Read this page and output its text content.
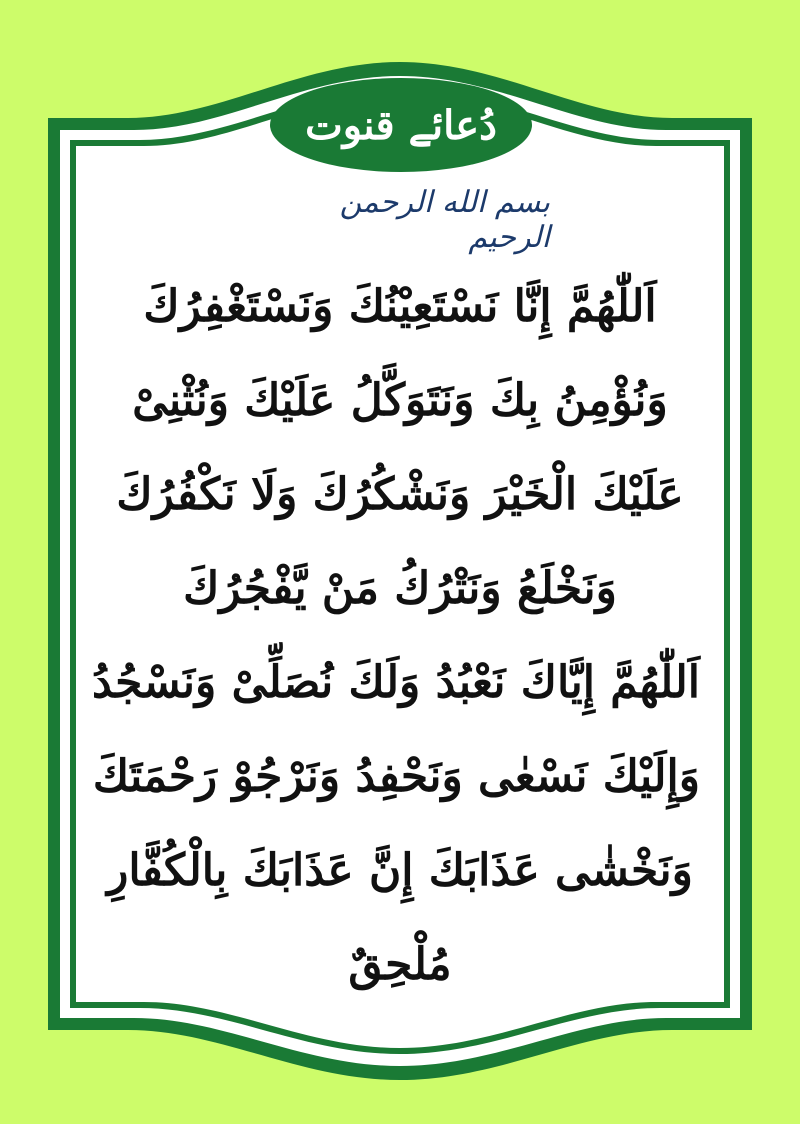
دُعائے قنوت
بسم الله الرحمن الرحيم
اَللّٰهُمَّ إِنَّا نَسْتَعِيْنُكَ وَنَسْتَغْفِرُكَ
وَنُؤْمِنُ بِكَ وَنَتَوَكَّلُ عَلَيْكَ وَنُثْنِىْ
عَلَيْكَ الْخَيْرَ وَنَشْكُرُكَ وَلَا نَكْفُرُكَ
وَنَخْلَعُ وَنَتْرُكُ مَنْ يَّفْجُرُكَ
اَللّٰهُمَّ إِيَّاكَ نَعْبُدُ وَلَكَ نُصَلِّىْ وَنَسْجُدُ
وَإِلَيْكَ نَسْعٰى وَنَحْفِدُ وَنَرْجُوْ رَحْمَتَكَ
وَنَخْشٰى عَذَابَكَ إِنَّ عَذَابَكَ بِالْكُفَّارِ
مُلْحِقٌ
